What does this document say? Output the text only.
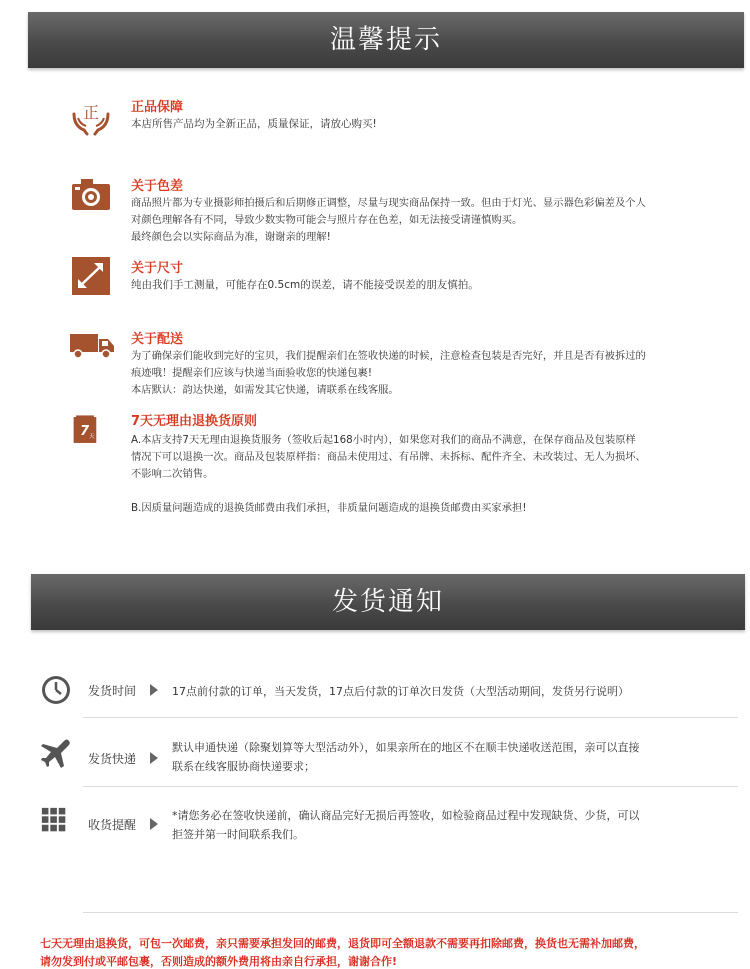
温馨提示
正 正品保障

本店所售产品均为全新正品，质量保证，请放心购买!

关于色差

商品照片都为专业摄影师拍摄后和后期修正调整，尽量与现实商品保持一致。但由于灯光、显示器色彩偏差及个人

对颜色理解各有不同，导致少数实物可能会与照片存在色差，如无法接受请谨慎购买。

最终颜色会以实际商品为准，谢谢亲的理解!

关于尺寸

纯由我们手工测量，可能存在0.5cm的误差，请不能接受误差的朋友慎拍。

关于配送

为了确保亲们能收到完好的宝贝，我们提醒亲们在签收快递的时候，注意检查包装是否完好，并且是否有被拆过的

痕迹哦！提醒亲们应该与快递当面验收您的快递包裹!

本店默认：韵达快递，如需发其它快递，请联系在线客服。

7 天
7天无理由退换货原则

A.本店支持7天无理由退换货服务（签收后起168小时内），如果您对我们的商品不满意，在保存商品及包装原样

情况下可以退换一次。商品及包装原样指：商品未使用过、有吊牌、未拆标、配件齐全、未改装过、无人为损坏、

不影响二次销售。

B.因质量问题造成的退换货邮费由我们承担，非质量问题造成的退换货邮费由买家承担!

发货通知
发货时间	17点前付款的订单，当天发货，17点后付款的订单次日发货（大型活动期间，发货另行说明）
发货快递
默认申通快递（除聚划算等大型活动外），如果亲所在的地区不在顺丰快递收送范围，亲可以直接
联系在线客服协商快递要求；
收货提醒
*请您务必在签收快递前，确认商品完好无损后再签收，如检验商品过程中发现缺货、少货，可以
拒签并第一时间联系我们。
七天无理由退换货，可包一次邮费，亲只需要承担发回的邮费，退货即可全额退款不需要再扣除邮费，换货也无需补加邮费，
请勿发到付或平邮包裹，否则造成的额外费用将由亲自行承担，谢谢合作!
